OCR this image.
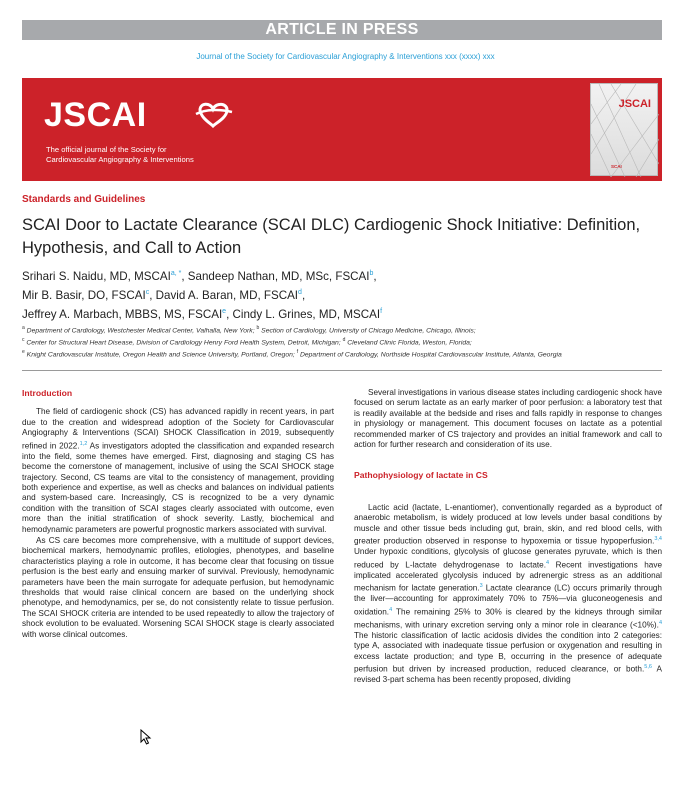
ARTICLE IN PRESS
Journal of the Society for Cardiovascular Angiography & Interventions xxx (xxxx) xxx
JSCAI
The official journal of the Society for
Cardiovascular Angiography & Interventions
JSCAI
SCAI
Standards and Guidelines
SCAI Door to Lactate Clearance (SCAI DLC) Cardiogenic Shock Initiative: Definition, Hypothesis, and Call to Action
Srihari S. Naidu, MD, $MSCAI^{a, *}$, Sandeep Nathan, MD, MSc, FSCAI$^b$,
Mir B. Basir, DO, FSCAI$^c$, David A. Baran, MD, FSCAI$^d$,
Jeffrey A. Marbach, MBBS, MS, FSCAI$^e$, Cindy L. Grines, MD, MSCAI$^f$
$^a$ Department of Cardiology, Westchester Medical Center, Valhalla, New York; $^b$ Section of Cardiology, University of Chicago Medicine, Chicago, Illinois;
$^c$ Center for Structural Heart Disease, Division of Cardiology Henry Ford Health System, Detroit, Michigan; $^d$ Cleveland Clinic Florida, Weston, Florida;
$^e$ Knight Cardiovascular Institute, Oregon Health and Science University, Portland, Oregon; $^f$ Department of Cardiology, Northside Hospital Cardiovascular Institute, Atlanta, Georgia
Introduction

The field of cardiogenic shock (CS) has advanced rapidly in recent years, in part due to the creation and widespread adoption of the Society for Cardiovascular Angiography & Interventions (SCAI) SHOCK Classification in 2019, subsequently refined in 2022.$^{1,2}$ As investigators adopted the classification and expanded research into the field, some themes have emerged. First, diagnosing and staging CS has become the cornerstone of management, inclusive of using the SCAI SHOCK stage trajectory. Second, CS teams are vital to the consistency of management, providing both experience and expertise, as well as checks and balances on individual patients and system-based care. Increasingly, CS is recognized to be a very dynamic condition with the transition of SCAI stages clearly associated with outcome, even more than the initial stratification of shock severity. Lastly, biochemical and hemodynamic parameters are powerful prognostic markers associated with survival.

As CS care becomes more comprehensive, with a multitude of support devices, biochemical markers, hemodynamic profiles, etiologies, phenotypes, and baseline characteristics playing a role in outcome, it has become clear that focusing on tissue perfusion is the best early and ensuing marker of survival. Previously, hemodynamic parameters have been the main surrogate for adequate perfusion, but hemodynamic thresholds that would raise clinical concern are based on the underlying shock phenotype, and hemodynamics, per se, do not consistently relate to tissue perfusion. The SCAI SHOCK criteria are intended to be used repeatedly to allow the trajectory of shock evolution to be evaluated. Worsening SCAI SHOCK stage is clearly associated with worse clinical outcomes.

Several investigations in various disease states including cardiogenic shock have focused on serum lactate as an early marker of poor perfusion: a laboratory test that is readily available at the bedside and rises and falls rapidly in response to changes in physiology or management. This document focuses on lactate as a potential recommended marker of CS trajectory and provides an initial framework and call to action for further research and consideration of its use.

Pathophysiology of lactate in CS

Lactic acid (lactate, L-enantiomer), conventionally regarded as a byproduct of anaerobic metabolism, is widely produced at low levels under basal conditions by muscle and other tissue beds including gut, brain, skin, and red blood cells, with greater production observed in response to hypoxemia or tissue hypoperfusion.$^{3,4}$ Under hypoxic conditions, glycolysis of glucose generates pyruvate, which is then reduced by L-lactate dehydrogenase to lactate.$^4$ Recent investigations have implicated accelerated glycolysis induced by adrenergic stress as an additional mechanism for lactate generation.$^3$ Lactate clearance (LC) occurs primarily through the liver—accounting for approximately 70% to 75%—via gluconeogenesis and oxidation.$^4$ The remaining 25% to 30% is cleared by the kidneys through similar mechanisms, with urinary excretion serving only a minor role in clearance (<10%).$^4$ The historic classification of lactic acidosis divides the condition into 2 categories: type A, associated with inadequate tissue perfusion or oxygenation and resulting in excess lactate production; and type B, occurring in the presence of adequate perfusion but driven by increased production, reduced clearance, or both.$^{5,6}$ A revised 3-part schema has been recently proposed, dividing
